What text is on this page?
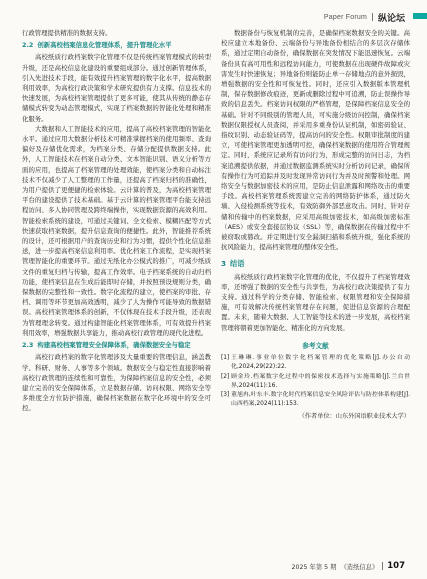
Paper Forum 纵论坛

行政管理提供精准的数据支持。

2.2 创新高校档案信息化管理体系，提升管理化水平

高校纸质行政档案数字化管理不仅是传统档案管理模式的转型升级，还是高校信息化建设的重要组成部分。通过创新管理体系，引入先进技术手段，能有效提升档案管理的数字化水平，提高数据利用效率，为高校行政决策和学术研究提供有力支撑。信息技术的快速发展，为高校档案管理提供了更多可能，使其从传统的静态存储模式转变为动态管理模式，实现了档案数据的智能化处理和精准化服务。

大数据和人工智能技术的应用，提高了高校档案管理的智能化水平。通过应用大数据分析技术可精准掌握档案的使用频率、查询偏好及存储优化需求，为档案分类、存储分配提供数据支持。此外，人工智能技术在档案自动分类、文本智能识别、语义分析等方面的应用，也提高了档案管理的处理效能，使档案分类和自动标注技术不仅减少了人工整理的工作量，还提高了档案归档的准确性，为用户提供了更便捷的检索体验。云计算的普及，为高校档案管理平台的建设提供了技术基础。基于云计算的档案管理平台能支持远程访问、多人协同管理及跨终端操作，实现数据资源的高效利用。智能检索系统的建设，可通过关键词、全文检索、模糊匹配等方式快速获取档案数据，提升信息查询的便捷性。此外，智能推荐系统的设计，还可根据用户的查询历史和行为习惯，提供个性化信息推送，进一步提高档案信息利用率。优化档案工作流程，是实现档案管理智能化的重要环节。通过无纸化办公模式的推广，可减少纸质文件的重复归档与传输，提高工作效率。电子档案系统的自动归档功能，使档案信息在生成后能即时存储，并按照预设规则分类，确保数据的完整性和一致性。数字化流程的建立，使档案的审批、存档、调用等环节更加高效透明，减少了人为操作可能导致的数据错误。高校档案管理体系的创新，不仅体现在技术手段升级，还表现为管理理念转变。通过构建智能化档案管理体系，可有效提升档案利用效率，增强数据共享能力，推动高校行政管理的现代化进程。

2.3 构建高校档案管理安全保障体系，确保数据安全与稳定

高校行政档案的数字化管理涉及大量重要的管理信息，涵盖教学、科研、财务、人事等多个领域。数据安全与稳定性直接影响着高校行政管理的连续性和可靠性，为保障档案信息的安全性，必须建立完善的安全保障体系，立足数据存储、访问权限、网络安全等多维度全方位防护措施，确保档案数据在数字化环境中的安全可控。

数据备份与恢复机制的完善，是确保档案数据安全的关键。高校应建立本地备份、云端备份与异地备份相结合的多层次存储体系，通过定期自动备份，确保数据在突发情况下能迅速恢复。云端备份具有高可用性和远程访问能力，可使数据在出现硬件故障或灾害发生时快速恢复；异地备份则能防止单一存储地点的意外损毁，增强数据的安全性和可恢复性。同时，还应引入数据版本管理机制，保存数据修改痕迹，更新或删除过程中可追溯，防止误操作导致的信息丢失。档案访问权限的严格管理，是保障档案信息安全的基础。针对不同级别的管理人员，可实施分级访问控制，确保档案数据仅限授权人员查阅，并采用多重身份认证机制，如密码验证、指纹识别、动态验证码等，提高访问的安全性。权限审批制度的建立，可使档案管理更加透明可控，确保档案数据的使用符合管理规定。同时，系统应记录所有访问行为，形成完整的访问日志，为档案追溯提供依据，并通过数据监测系统实时分析访问记录，确保所有操作行为可追踪并及时发现异常访问行为并及时预警和处理。网络安全与数据加密技术的应用，是防止信息泄露和网络攻击的重要手段。高校档案管理系统需建立完善的网络防护体系，通过防火墙、入侵检测系统等技术，有效防御外部恶意攻击。同时，针对存储和传输中的档案数据，应采用高级加密技术，如高级加密标准（AES）或安全套接层协议（SSL）等，确保数据在传输过程中不被窃取或篡改。并定期进行安全漏洞扫描和系统升级，强化系统的抗风险能力，提高档案管理的整体安全性。

3 结语

高校纸质行政档案数字化管理的优化，不仅提升了档案管理效率，还增强了数据的安全性与共享性，为高校行政决策提供了有力支持。通过科学的分类存储、智能检索、权限管理和安全保障措施，可有效解决传统档案管理存在问题，促进信息资源的合理配置。未来，随着大数据、人工智能等技术的进一步发展，高校档案管理将朝着更加智能化、精准化的方向发展。

参考文献

[1] 王琳琳.事业单位数字化档案管理的优化策略[J].办公自动化,2024,29(22):22.

[2] 顾金玲.档案数字化过程中的保密技术选择与实施策略[J].兰台世界,2024(11):16.

[3] 董旭冉,叶东丰.数字化时代档案信息安全风险评估与防控体系构建[J].山西档案,2024(11):153.

（作者单位：山东外国语职业技术大学）

2025 年第 5 期 《造纸信息》 107
